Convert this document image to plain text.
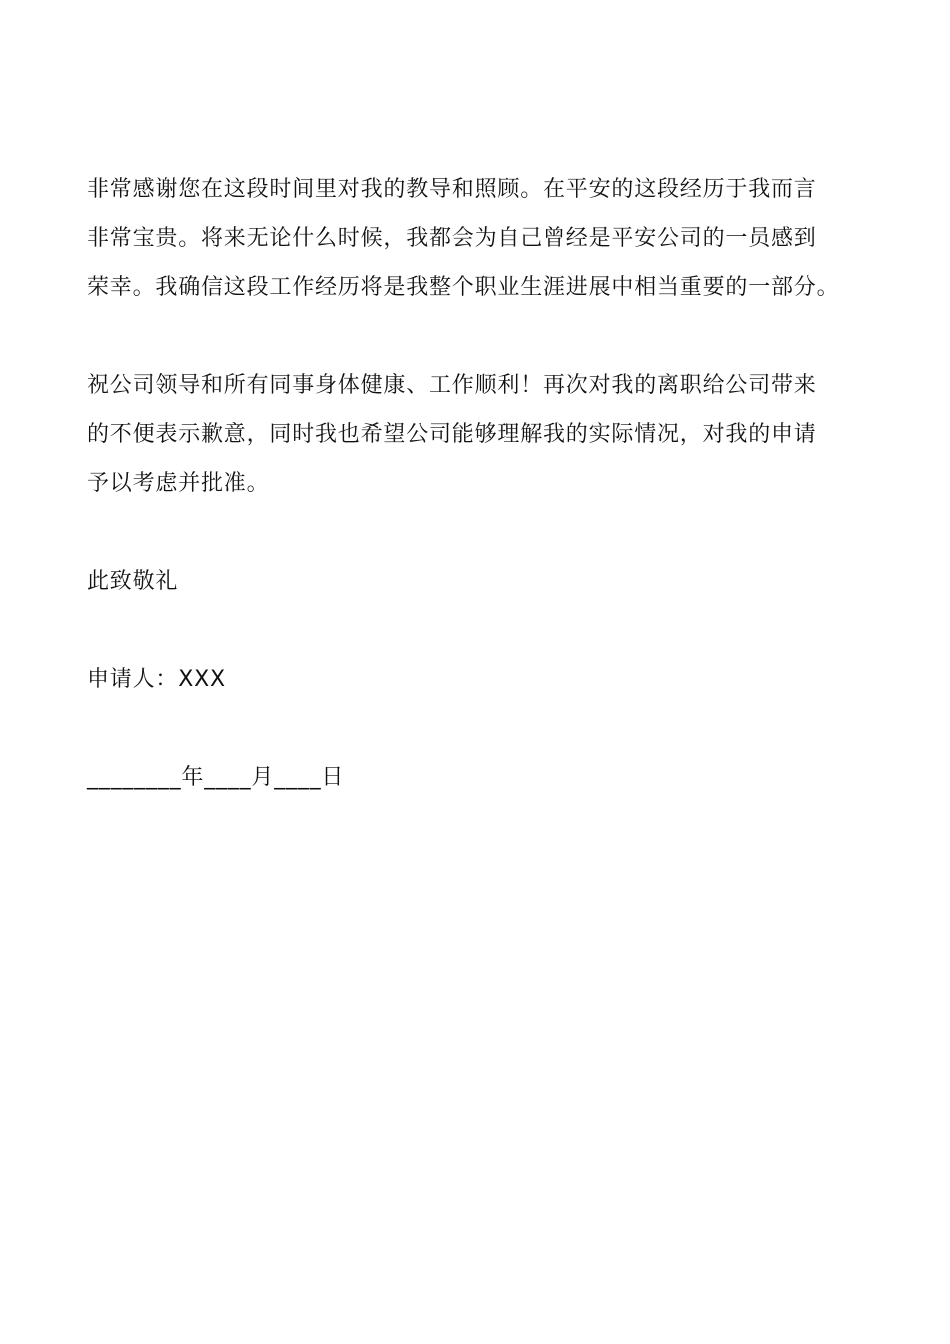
非常感谢您在这段时间里对我的教导和照顾。在平安的这段经历于我而言
非常宝贵。将来无论什么时候，我都会为自己曾经是平安公司的一员感到
荣幸。我确信这段工作经历将是我整个职业生涯进展中相当重要的一部分。

祝公司领导和所有同事身体健康、工作顺利！再次对我的离职给公司带来
的不便表示歉意，同时我也希望公司能够理解我的实际情况，对我的申请
予以考虑并批准。

此致敬礼

申请人：XXX

________年____月____日
